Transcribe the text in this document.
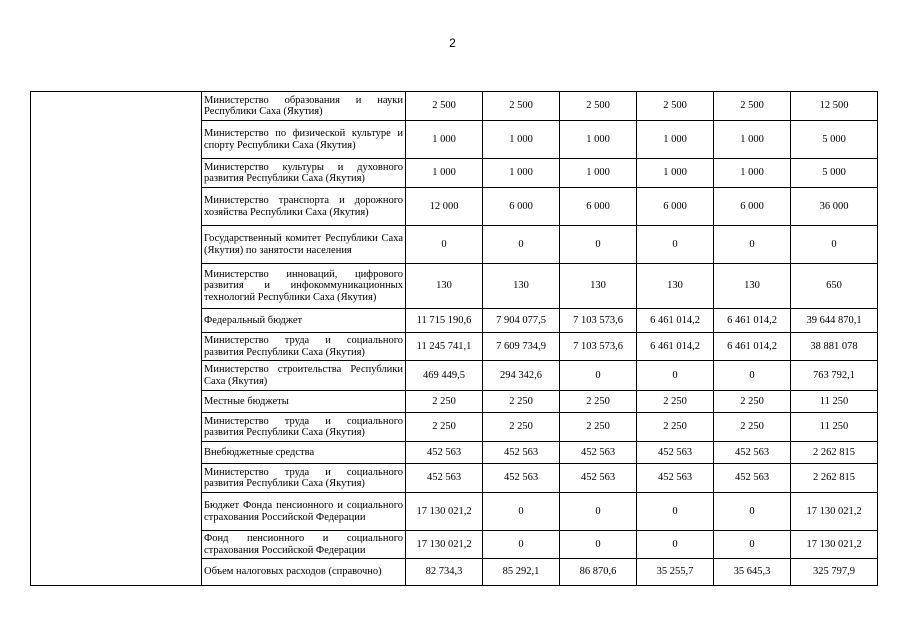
2
	Министерство образования и науки Республики Саха (Якутия)	2 500	2 500	2 500	2 500	2 500	12 500
	Министерство по физической культуре и спорту Республики Саха (Якутия)	1 000	1 000	1 000	1 000	1 000	5 000
	Министерство культуры и духовного развития Республики Саха (Якутия)	1 000	1 000	1 000	1 000	1 000	5 000
	Министерство транспорта и дорожного хозяйства Республики Саха (Якутия)	12 000	6 000	6 000	6 000	6 000	36 000
	Государственный комитет Республики Саха (Якутия) по занятости населения	0	0	0	0	0	0
	Министерство инноваций, цифрового развития и инфокоммуникационных технологий Республики Саха (Якутия)	130	130	130	130	130	650
	Федеральный бюджет	11 715 190,6	7 904 077,5	7 103 573,6	6 461 014,2	6 461 014,2	39 644 870,1
	Министерство труда и социального развития Республики Саха (Якутия)	11 245 741,1	7 609 734,9	7 103 573,6	6 461 014,2	6 461 014,2	38 881 078
	Министерство строительства Республики Саха (Якутия)	469 449,5	294 342,6	0	0	0	763 792,1
	Местные бюджеты	2 250	2 250	2 250	2 250	2 250	11 250
	Министерство труда и социального развития Республики Саха (Якутия)	2 250	2 250	2 250	2 250	2 250	11 250
	Внебюджетные средства	452 563	452 563	452 563	452 563	452 563	2 262 815
	Министерство труда и социального развития Республики Саха (Якутия)	452 563	452 563	452 563	452 563	452 563	2 262 815
	Бюджет Фонда пенсионного и социального страхования Российской Федерации	17 130 021,2	0	0	0	0	17 130 021,2
	Фонд пенсионного и социального страхования Российской Федерации	17 130 021,2	0	0	0	0	17 130 021,2
	Объем налоговых расходов (справочно)	82 734,3	85 292,1	86 870,6	35 255,7	35 645,3	325 797,9
